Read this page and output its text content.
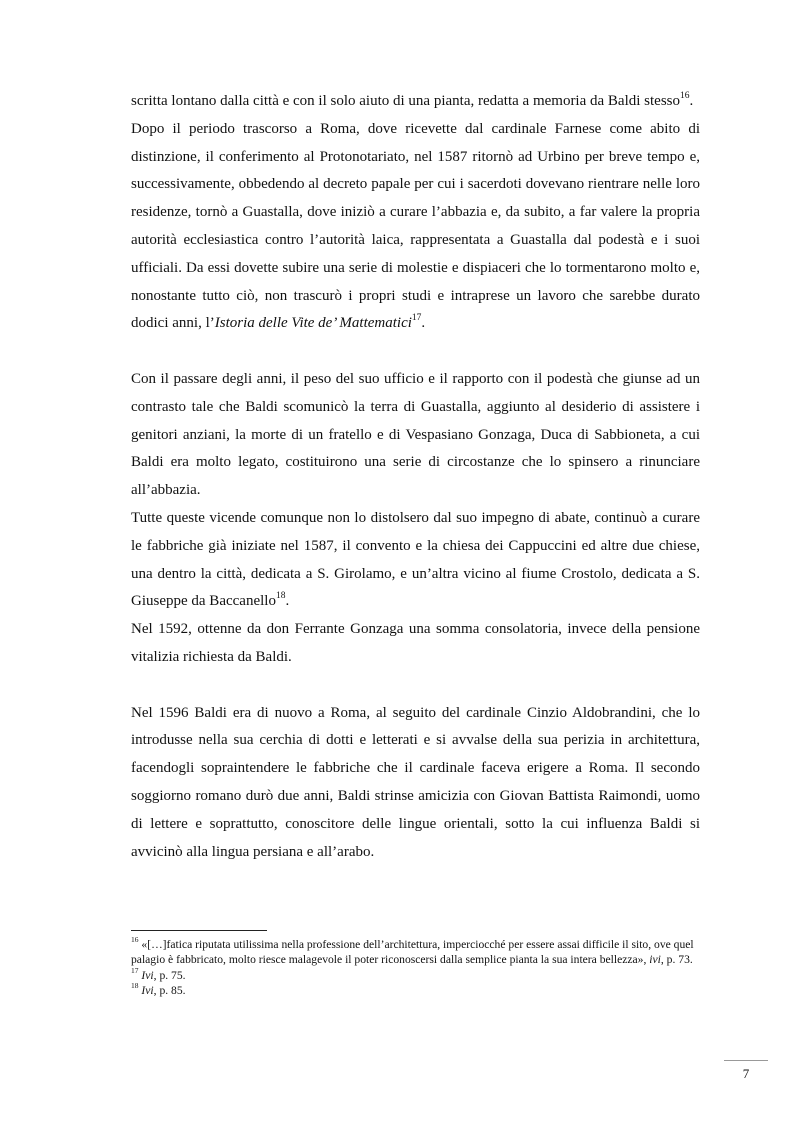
scritta lontano dalla città e con il solo aiuto di una pianta, redatta a memoria da Baldi stesso$^{16}$.

Dopo il periodo trascorso a Roma, dove ricevette dal cardinale Farnese come abito di distinzione, il conferimento al Protonotariato, nel 1587 ritornò ad Urbino per breve tempo e, successivamente, obbedendo al decreto papale per cui i sacerdoti dovevano rientrare nelle loro residenze, tornò a Guastalla, dove iniziò a curare l’abbazia e, da subito, a far valere la propria autorità ecclesiastica contro l’autorità laica, rappresentata a Guastalla dal podestà e i suoi ufficiali. Da essi dovette subire una serie di molestie e dispiaceri che lo tormentarono molto e, nonostante tutto ciò, non trascurò i propri studi e intraprese un lavoro che sarebbe durato dodici anni, l’Istoria delle Vite de’ Mattematici$^{17}$.

Con il passare degli anni, il peso del suo ufficio e il rapporto con il podestà che giunse ad un contrasto tale che Baldi scomunicò la terra di Guastalla, aggiunto al desiderio di assistere i genitori anziani, la morte di un fratello e di Vespasiano Gonzaga, Duca di Sabbioneta, a cui Baldi era molto legato, costituirono una serie di circostanze che lo spinsero a rinunciare all’abbazia.

Tutte queste vicende comunque non lo distolsero dal suo impegno di abate, continuò a curare le fabbriche già iniziate nel 1587, il convento e la chiesa dei Cappuccini ed altre due chiese, una dentro la città, dedicata a S. Girolamo, e un’altra vicino al fiume Crostolo, dedicata a S. Giuseppe da Baccanello$^{18}$.

Nel 1592, ottenne da don Ferrante Gonzaga una somma consolatoria, invece della pensione vitalizia richiesta da Baldi.

Nel 1596 Baldi era di nuovo a Roma, al seguito del cardinale Cinzio Aldobrandini, che lo introdusse nella sua cerchia di dotti e letterati e si avvalse della sua perizia in architettura, facendogli sopraintendere le fabbriche che il cardinale faceva erigere a Roma. Il secondo soggiorno romano durò due anni, Baldi strinse amicizia con Giovan Battista Raimondi, uomo di lettere e soprattutto, conoscitore delle lingue orientali, sotto la cui influenza Baldi si avvicinò alla lingua persiana e all’arabo.

$^{16}$ «[…]fatica riputata utilissima nella professione dell’architettura, imperciocché per essere assai difficile il sito, ove quel palagio è fabbricato, molto riesce malagevole il poter riconoscersi dalla semplice pianta la sua intera bellezza», ivi, p. 73.

$^{17}$ Ivi, p. 75.

$^{18}$ Ivi, p. 85.

7
